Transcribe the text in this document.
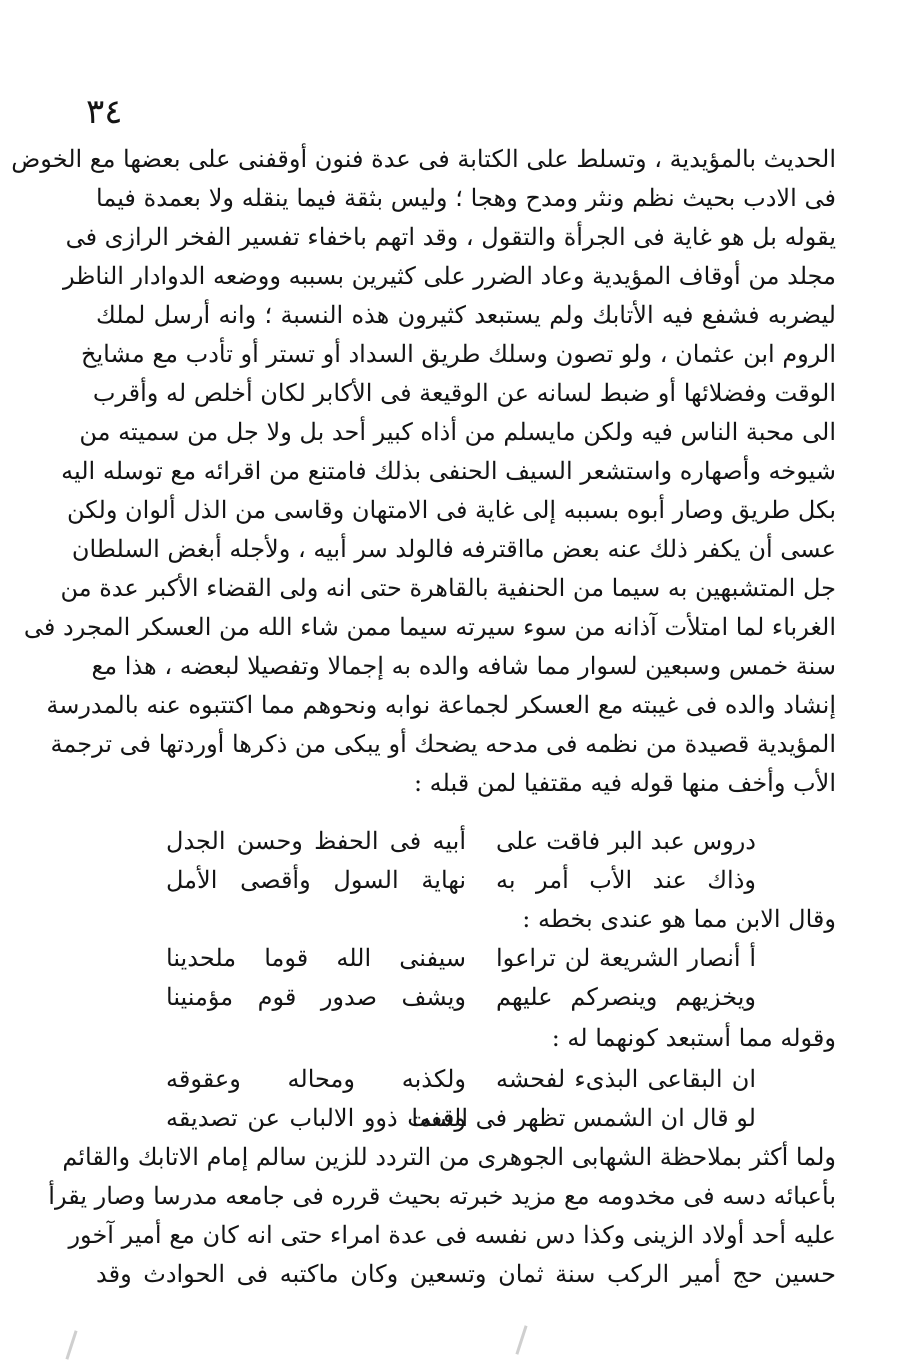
٣٤
الحديث بالمؤيدية ، وتسلط على الكتابة فى عدة فنون أوقفنى على بعضها مع الخوض
فى الادب بحيث نظم ونثر ومدح وهجا ؛ وليس بثقة فيما ينقله ولا بعمدة فيما
يقوله بل هو غاية فى الجرأة والتقول ، وقد اتهم باخفاء تفسير الفخر الرازى فى
مجلد من أوقاف المؤيدية وعاد الضرر على كثيرين بسببه ووضعه الدوادار الناظر
ليضربه فشفع فيه الأتابك ولم يستبعد كثيرون هذه النسبة ؛ وانه أرسل لملك
الروم ابن عثمان ، ولو تصون وسلك طريق السداد أو تستر أو تأدب مع مشايخ
الوقت وفضلائها أو ضبط لسانه عن الوقيعة فى الأكابر لكان أخلص له وأقرب
الى محبة الناس فيه ولكن مايسلم من أذاه كبير أحد بل ولا جل من سميته من
شيوخه وأصهاره واستشعر السيف الحنفى بذلك فامتنع من اقرائه مع توسله اليه
بكل طريق وصار أبوه بسببه إلى غاية فى الامتهان وقاسى من الذل ألوان ولكن
عسى أن يكفر ذلك عنه بعض مااقترفه فالولد سر أبيه ، ولأجله أبغض السلطان
جل المتشبهين به سيما من الحنفية بالقاهرة حتى انه ولى القضاء الأكبر عدة من
الغرباء لما امتلأت آذانه من سوء سيرته سيما ممن شاء الله من العسكر المجرد فى
سنة خمس وسبعين لسوار مما شافه والده به إجمالا وتفصيلا لبعضه ، هذا مع
إنشاد والده فى غيبته مع العسكر لجماعة نوابه ونحوهم مما اكتتبوه عنه بالمدرسة
المؤيدية قصيدة من نظمه فى مدحه يضحك أو يبكى من ذكرها أوردتها فى ترجمة
الأب وأخف منها قوله فيه مقتفيا لمن قبله :
دروس عبد البر فاقت على
أبيه فى الحفظ وحسن الجدل
وذاك عند الأب أمر به
نهاية السول وأقصى الأمل
وقال الابن مما هو عندى بخطه :
أ أنصار الشريعة لن تراعوا
سيفنى الله قوما ملحدينا
ويخزيهم وينصركم عليهم
ويشف صدور قوم مؤمنينا
وقوله مما أستبعد كونهما له :
ان البقاعى البذىء لفحشه
ولكذبه ومحاله وعقوقه
لو قال ان الشمس تظهر فى السما
وقفت ذوو الالباب عن تصديقه
ولما أكثر بملاحظة الشهابى الجوهرى من التردد للزين سالم إمام الاتابك والقائم
بأعبائه دسه فى مخدومه مع مزيد خبرته بحيث قرره فى جامعه مدرسا وصار يقرأ
عليه أحد أولاد الزينى وكذا دس نفسه فى عدة امراء حتى انه كان مع أمير آخور
حسين حج أمير الركب سنة ثمان وتسعين وكان ماكتبه فى الحوادث وقد
